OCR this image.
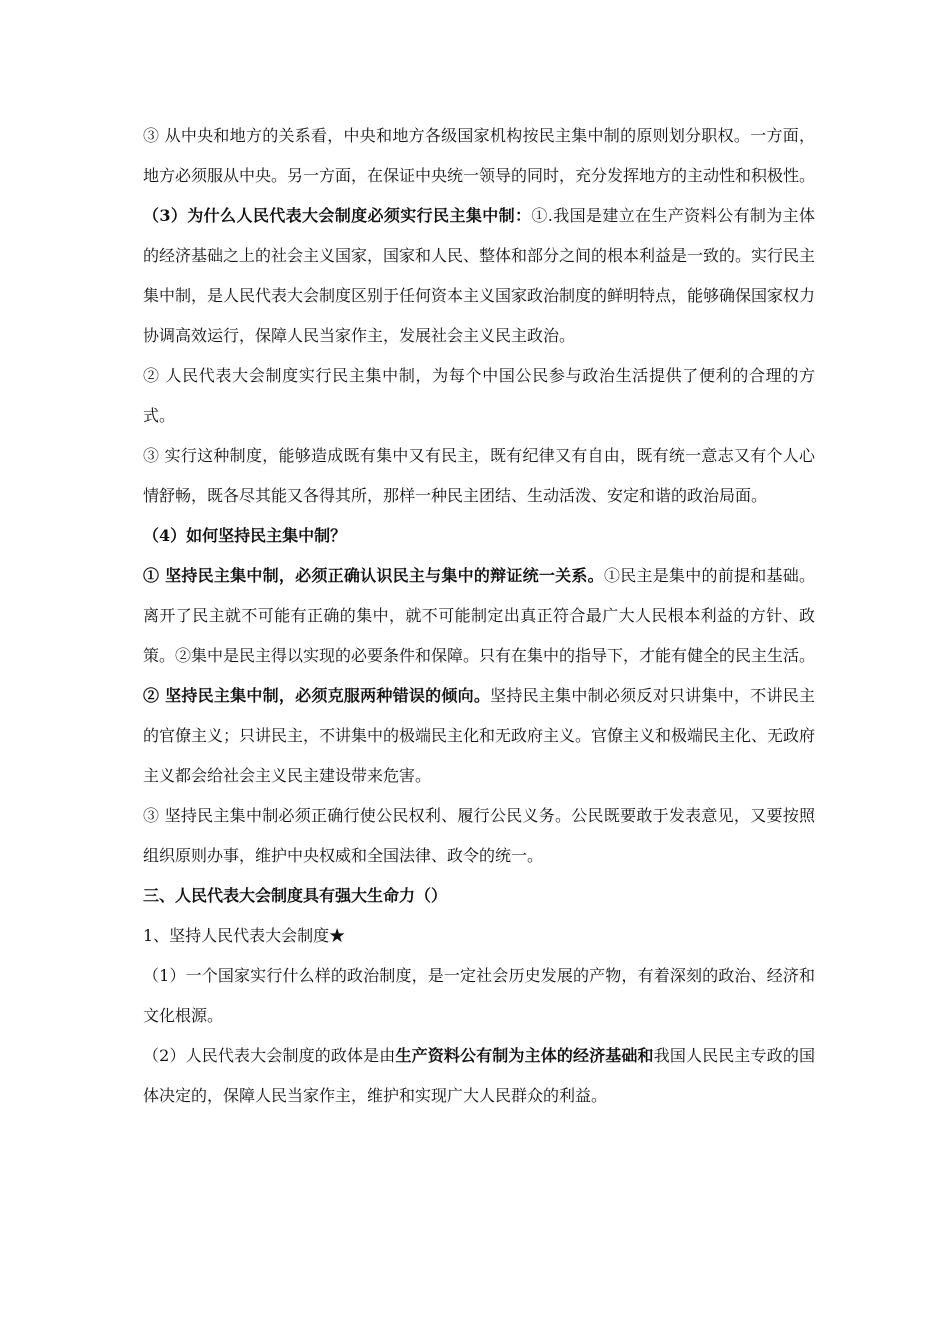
③ 从中央和地方的关系看，中央和地方各级国家机构按民主集中制的原则划分职权。一方面，地方必须服从中央。另一方面，在保证中央统一领导的同时，充分发挥地方的主动性和积极性。

（3）为什么人民代表大会制度必须实行民主集中制：①.我国是建立在生产资料公有制为主体的经济基础之上的社会主义国家，国家和人民、整体和部分之间的根本利益是一致的。实行民主集中制，是人民代表大会制度区别于任何资本主义国家政治制度的鲜明特点，能够确保国家权力协调高效运行，保障人民当家作主，发展社会主义民主政治。

② 人民代表大会制度实行民主集中制，为每个中国公民参与政治生活提供了便利的合理的方式。

③ 实行这种制度，能够造成既有集中又有民主，既有纪律又有自由，既有统一意志又有个人心情舒畅，既各尽其能又各得其所，那样一种民主团结、生动活泼、安定和谐的政治局面。

（4）如何坚持民主集中制？

① 坚持民主集中制，必须正确认识民主与集中的辩证统一关系。①民主是集中的前提和基础。离开了民主就不可能有正确的集中，就不可能制定出真正符合最广大人民根本利益的方针、政策。②集中是民主得以实现的必要条件和保障。只有在集中的指导下，才能有健全的民主生活。

② 坚持民主集中制，必须克服两种错误的倾向。坚持民主集中制必须反对只讲集中，不讲民主的官僚主义；只讲民主，不讲集中的极端民主化和无政府主义。官僚主义和极端民主化、无政府主义都会给社会主义民主建设带来危害。

③ 坚持民主集中制必须正确行使公民权利、履行公民义务。公民既要敢于发表意见，又要按照组织原则办事，维护中央权威和全国法律、政令的统一。

三、人民代表大会制度具有强大生命力（）

1、坚持人民代表大会制度★

（1）一个国家实行什么样的政治制度，是一定社会历史发展的产物，有着深刻的政治、经济和文化根源。

（2）人民代表大会制度的政体是由生产资料公有制为主体的经济基础和我国人民民主专政的国体决定的，保障人民当家作主，维护和实现广大人民群众的利益。
